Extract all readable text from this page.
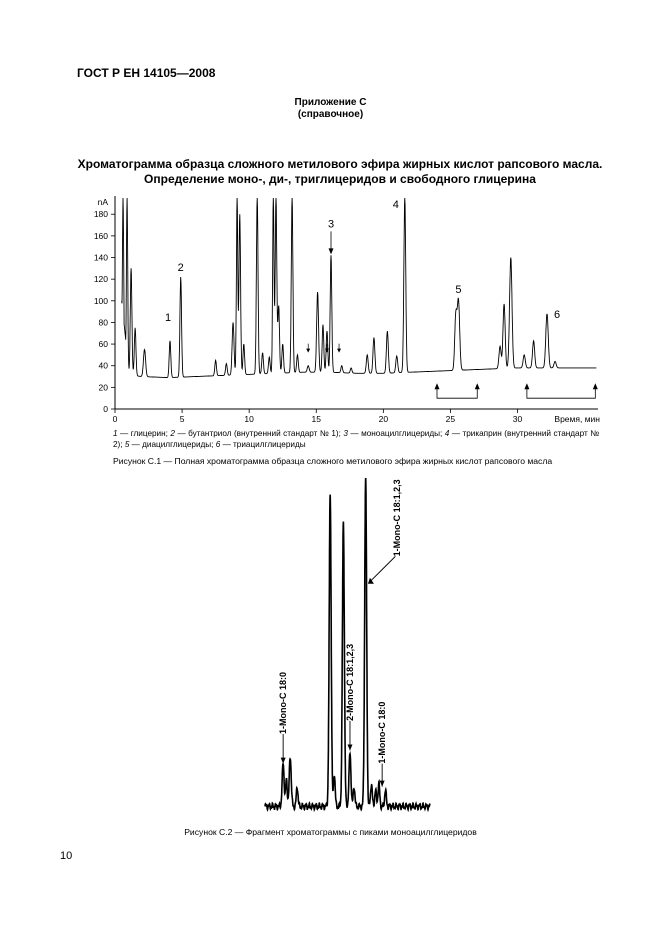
ГОСТ Р ЕН 14105—2008
Приложение С
(справочное)
Хроматограмма образца сложного метилового эфира жирных кислот рапсового масла.
Определение моно-, ди-, триглицеридов и свободного глицерина
0
20
40
60
80
100
120
140
160
180
nA
0	5	10	15	20	25	30	Время, мин
3
4
2
1
5
6
1 — глицерин; 2 — бутантриол (внутренний стандарт № 1); 3 — моноацилглицериды; 4 — трикаприн (внутренний стандарт № 2); 5 — диацилглицериды; 6 — триацилглицериды
Рисунок С.1 — Полная хроматограмма образца сложного метилового эфира жирных кислот рапсового масла
1-Mono-C 18:0	2-Mono-C 18:1,2,3
1-Mono-C 18:0
1-Mono-C 18:1,2,3
Рисунок С.2 — Фрагмент хроматограммы с пиками моноацилглицеридов
10
